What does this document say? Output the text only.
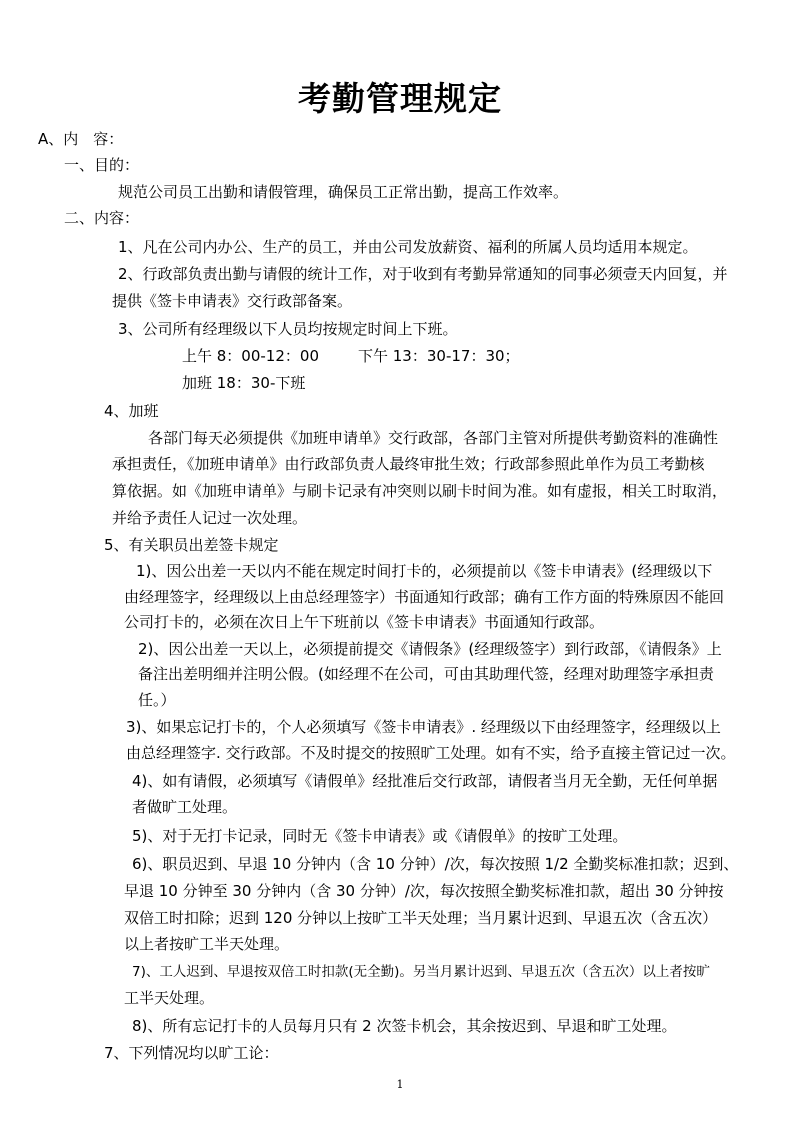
考勤管理规定
A、内　容：
一、目的：
规范公司员工出勤和请假管理，确保员工正常出勤，提高工作效率。
二、内容：
1、凡在公司内办公、生产的员工，并由公司发放薪资、福利的所属人员均适用本规定。
2、行政部负责出勤与请假的统计工作，对于收到有考勤异常通知的同事必须壹天内回复，并
提供《签卡申请表》交行政部备案。
3、公司所有经理级以下人员均按规定时间上下班。
上午 8：00-12：00	下午 13：30-17：30；
加班 18：30-下班
4、加班
各部门每天必须提供《加班申请单》交行政部，各部门主管对所提供考勤资料的准确性
承担责任，《加班申请单》由行政部负责人最终审批生效；行政部参照此单作为员工考勤核
算依据。如《加班申请单》与刷卡记录有冲突则以刷卡时间为准。如有虚报，相关工时取消，
并给予责任人记过一次处理。
5、有关职员出差签卡规定
1)、因公出差一天以内不能在规定时间打卡的，必须提前以《签卡申请表》(经理级以下
由经理签字，经理级以上由总经理签字）书面通知行政部；确有工作方面的特殊原因不能回
公司打卡的，必须在次日上午下班前以《签卡申请表》书面通知行政部。
2)、因公出差一天以上，必须提前提交《请假条》(经理级签字）到行政部，《请假条》上
备注出差明细并注明公假。(如经理不在公司，可由其助理代签，经理对助理签字承担责
任。）
3)、如果忘记打卡的，个人必须填写《签卡申请表》. 经理级以下由经理签字，经理级以上
由总经理签字. 交行政部。不及时提交的按照旷工处理。如有不实，给予直接主管记过一次。
4)、如有请假，必须填写《请假单》经批准后交行政部，请假者当月无全勤，无任何单据
者做旷工处理。
5)、对于无打卡记录，同时无《签卡申请表》或《请假单》的按旷工处理。
6)、职员迟到、早退 10 分钟内（含 10 分钟）/次，每次按照 1/2 全勤奖标准扣款；迟到、
早退 10 分钟至 30 分钟内（含 30 分钟）/次，每次按照全勤奖标准扣款，超出 30 分钟按
双倍工时扣除；迟到 120 分钟以上按旷工半天处理；当月累计迟到、早退五次（含五次）
以上者按旷工半天处理。
7)、工人迟到、早退按双倍工时扣款(无全勤)。另当月累计迟到、早退五次（含五次）以上者按旷
工半天处理。
8)、所有忘记打卡的人员每月只有 2 次签卡机会，其余按迟到、早退和旷工处理。
7、下列情况均以旷工论：
1
